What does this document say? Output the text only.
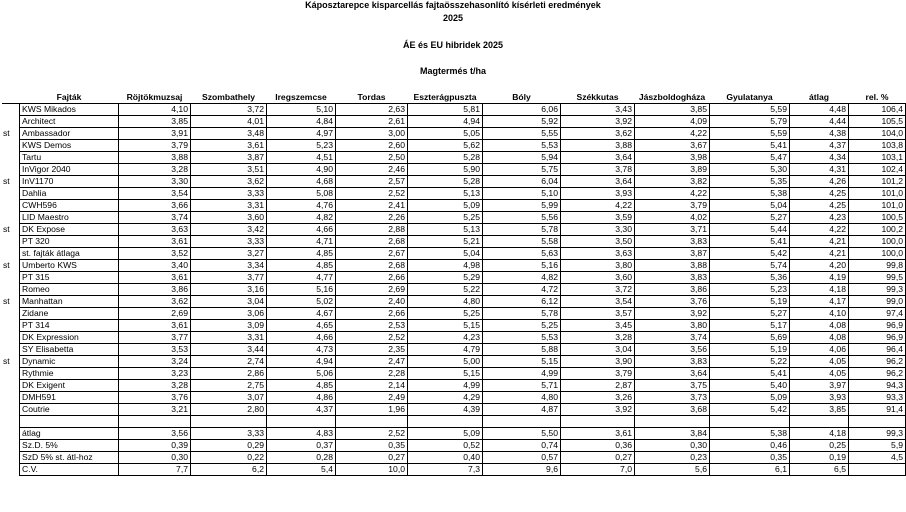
Káposztarepce kisparcellás fajtaösszehasonlító kísérleti eredmények
2025
ÁE és EU hibridek 2025
Magtermés t/ha
	Fajták	Röjtökmuzsaj	Szombathely	Iregszemcse	Tordas	Eszterágpuszta	Bóly	Székkutas	Jászboldogháza	Gyulatanya	átlag	rel. %
	KWS Mikados	4,10	3,72	5,10	2,63	5,81	6,06	3,43	3,85	5,59	4,48	106,4
	Architect	3,85	4,01	4,84	2,61	4,94	5,92	3,92	4,09	5,79	4,44	105,5
st	Ambassador	3,91	3,48	4,97	3,00	5,05	5,55	3,62	4,22	5,59	4,38	104,0
	KWS Demos	3,79	3,61	5,23	2,60	5,62	5,53	3,88	3,67	5,41	4,37	103,8
	Tartu	3,88	3,87	4,51	2,50	5,28	5,94	3,64	3,98	5,47	4,34	103,1
	InVigor 2040	3,28	3,51	4,90	2,46	5,90	5,75	3,78	3,89	5,30	4,31	102,4
st	InV1170	3,30	3,62	4,68	2,57	5,28	6,04	3,64	3,82	5,35	4,26	101,2
	Dahlia	3,54	3,33	5,08	2,52	5,13	5,10	3,93	4,22	5,38	4,25	101,0
	CWH596	3,66	3,31	4,76	2,41	5,09	5,99	4,22	3,79	5,04	4,25	101,0
	LID Maestro	3,74	3,60	4,82	2,26	5,25	5,56	3,59	4,02	5,27	4,23	100,5
st	DK Expose	3,63	3,42	4,66	2,88	5,13	5,78	3,30	3,71	5,44	4,22	100,2
	PT 320	3,61	3,33	4,71	2,68	5,21	5,58	3,50	3,83	5,41	4,21	100,0
	st. fajták átlaga	3,52	3,27	4,85	2,67	5,04	5,63	3,63	3,87	5,42	4,21	100,0
st	Umberto KWS	3,40	3,34	4,85	2,68	4,98	5,16	3,80	3,88	5,74	4,20	99,8
	PT 315	3,61	3,77	4,77	2,66	5,29	4,82	3,60	3,83	5,36	4,19	99,5
	Romeo	3,86	3,16	5,16	2,69	5,22	4,72	3,72	3,86	5,23	4,18	99,3
st	Manhattan	3,62	3,04	5,02	2,40	4,80	6,12	3,54	3,76	5,19	4,17	99,0
	Zidane	2,69	3,06	4,67	2,66	5,25	5,78	3,57	3,92	5,27	4,10	97,4
	PT 314	3,61	3,09	4,65	2,53	5,15	5,25	3,45	3,80	5,17	4,08	96,9
	DK Expression	3,77	3,31	4,66	2,52	4,23	5,53	3,28	3,74	5,69	4,08	96,9
	SY Elisabetta	3,53	3,44	4,73	2,35	4,79	5,88	3,04	3,56	5,19	4,06	96,4
st	Dynamic	3,24	2,74	4,94	2,47	5,00	5,15	3,90	3,83	5,22	4,05	96,2
	Rythmie	3,23	2,86	5,06	2,28	5,15	4,99	3,79	3,64	5,41	4,05	96,2
	DK Exigent	3,28	2,75	4,85	2,14	4,99	5,71	2,87	3,75	5,40	3,97	94,3
	DMH591	3,76	3,07	4,86	2,49	4,29	4,80	3,26	3,73	5,09	3,93	93,3
	Coutrie	3,21	2,80	4,37	1,96	4,39	4,87	3,92	3,68	5,42	3,85	91,4

	átlag	3,56	3,33	4,83	2,52	5,09	5,50	3,61	3,84	5,38	4,18	99,3
	Sz.D. 5%	0,39	0,29	0,37	0,35	0,52	0,74	0,36	0,30	0,46	0,25	5,9
	SzD 5% st. átl-hoz	0,30	0,22	0,28	0,27	0,40	0,57	0,27	0,23	0,35	0,19	4,5
	C.V.	7,7	6,2	5,4	10,0	7,3	9,6	7,0	5,6	6,1	6,5	
